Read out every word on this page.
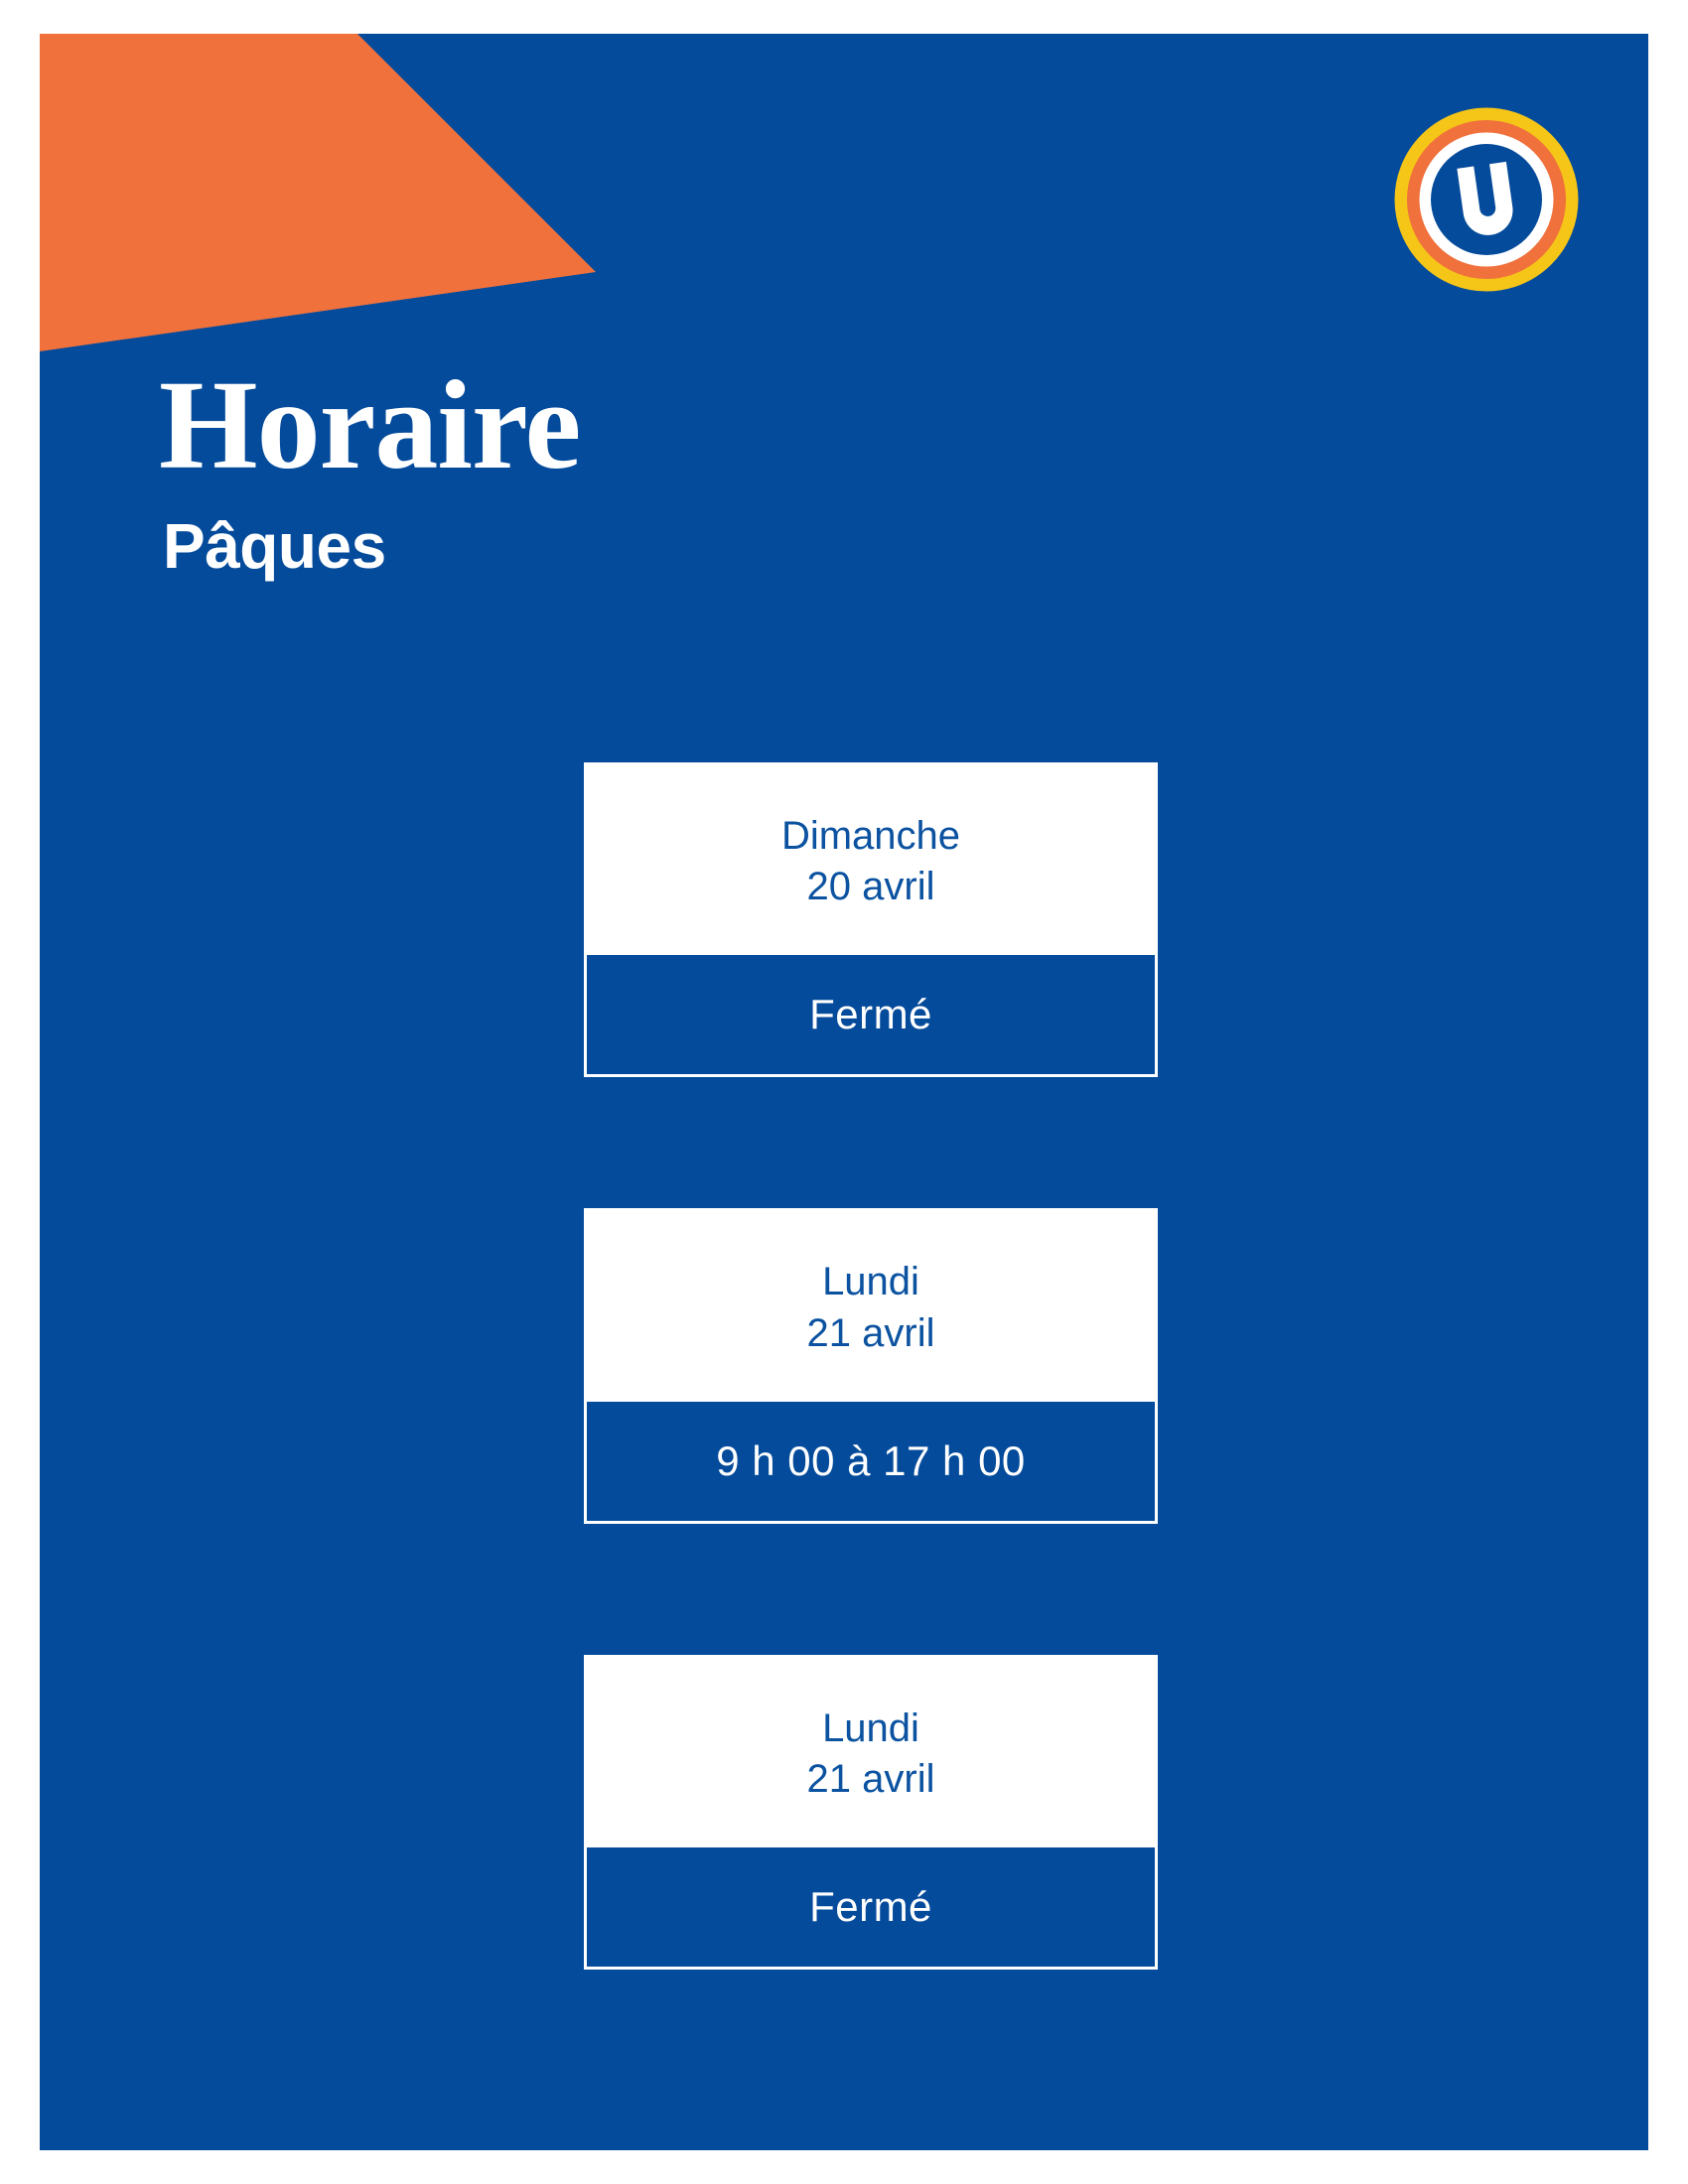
Horaire
Pâques
Dimanche
20 avril
Fermé
Lundi
21 avril
9 h 00 à 17 h 00
Lundi
21 avril
Fermé
